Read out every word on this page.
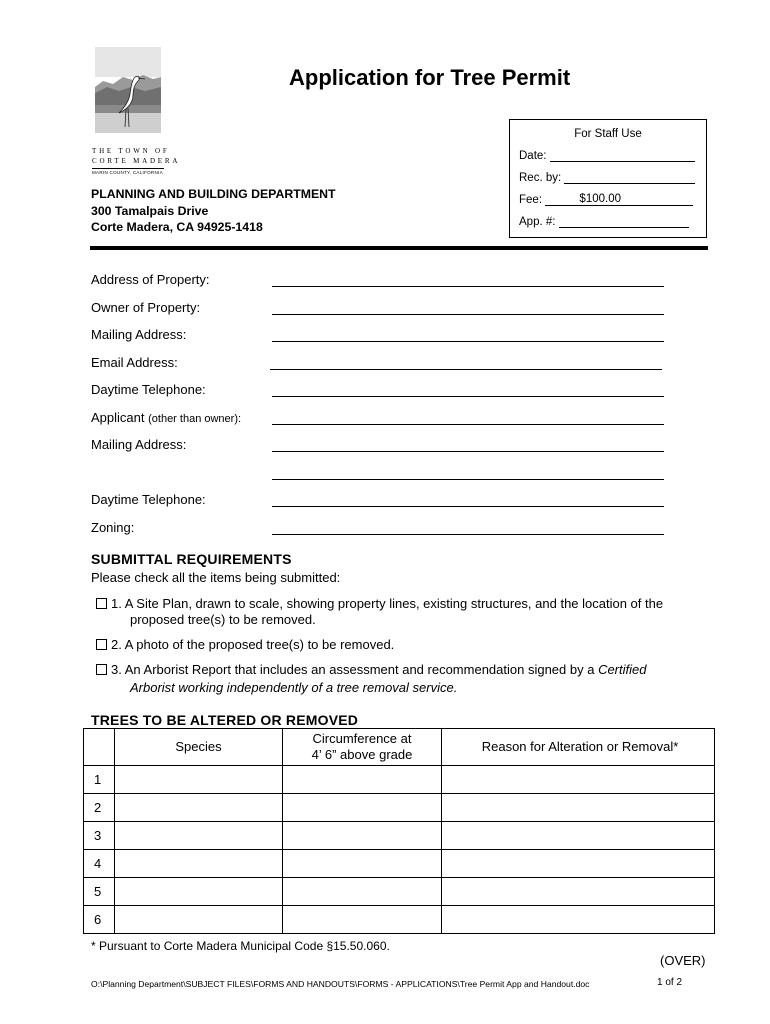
THE TOWN OF
CORTE MADERA
MARIN COUNTY, CALIFORNIA
Application for Tree Permit
PLANNING AND BUILDING DEPARTMENT
300 Tamalpais Drive
Corte Madera, CA 94925-1418
For Staff Use
Date:
Rec. by:
Fee:	$100.00
App. #:
Address of Property:
Owner of Property:
Mailing Address:
Email Address:
Daytime Telephone:
Applicant (other than owner):
Mailing Address:
Daytime Telephone:
Zoning:
SUBMITTAL REQUIREMENTS
Please check all the items being submitted:
1. A Site Plan, drawn to scale, showing property lines, existing structures, and the location of the
proposed tree(s) to be removed.
2. A photo of the proposed tree(s) to be removed.
3. An Arborist Report that includes an assessment and recommendation signed by a Certified
Arborist working independently of a tree removal service.
TREES TO BE ALTERED OR REMOVED
	Species	Circumference at
4’ 6” above grade	Reason for Alteration or Removal*
1			
2			
3			
4			
5			
6			
* Pursuant to Corte Madera Municipal Code §15.50.060.
(OVER)
O:\Planning Department\SUBJECT FILES\FORMS AND HANDOUTS\FORMS - APPLICATIONS\Tree Permit App and Handout.doc	1 of 2
